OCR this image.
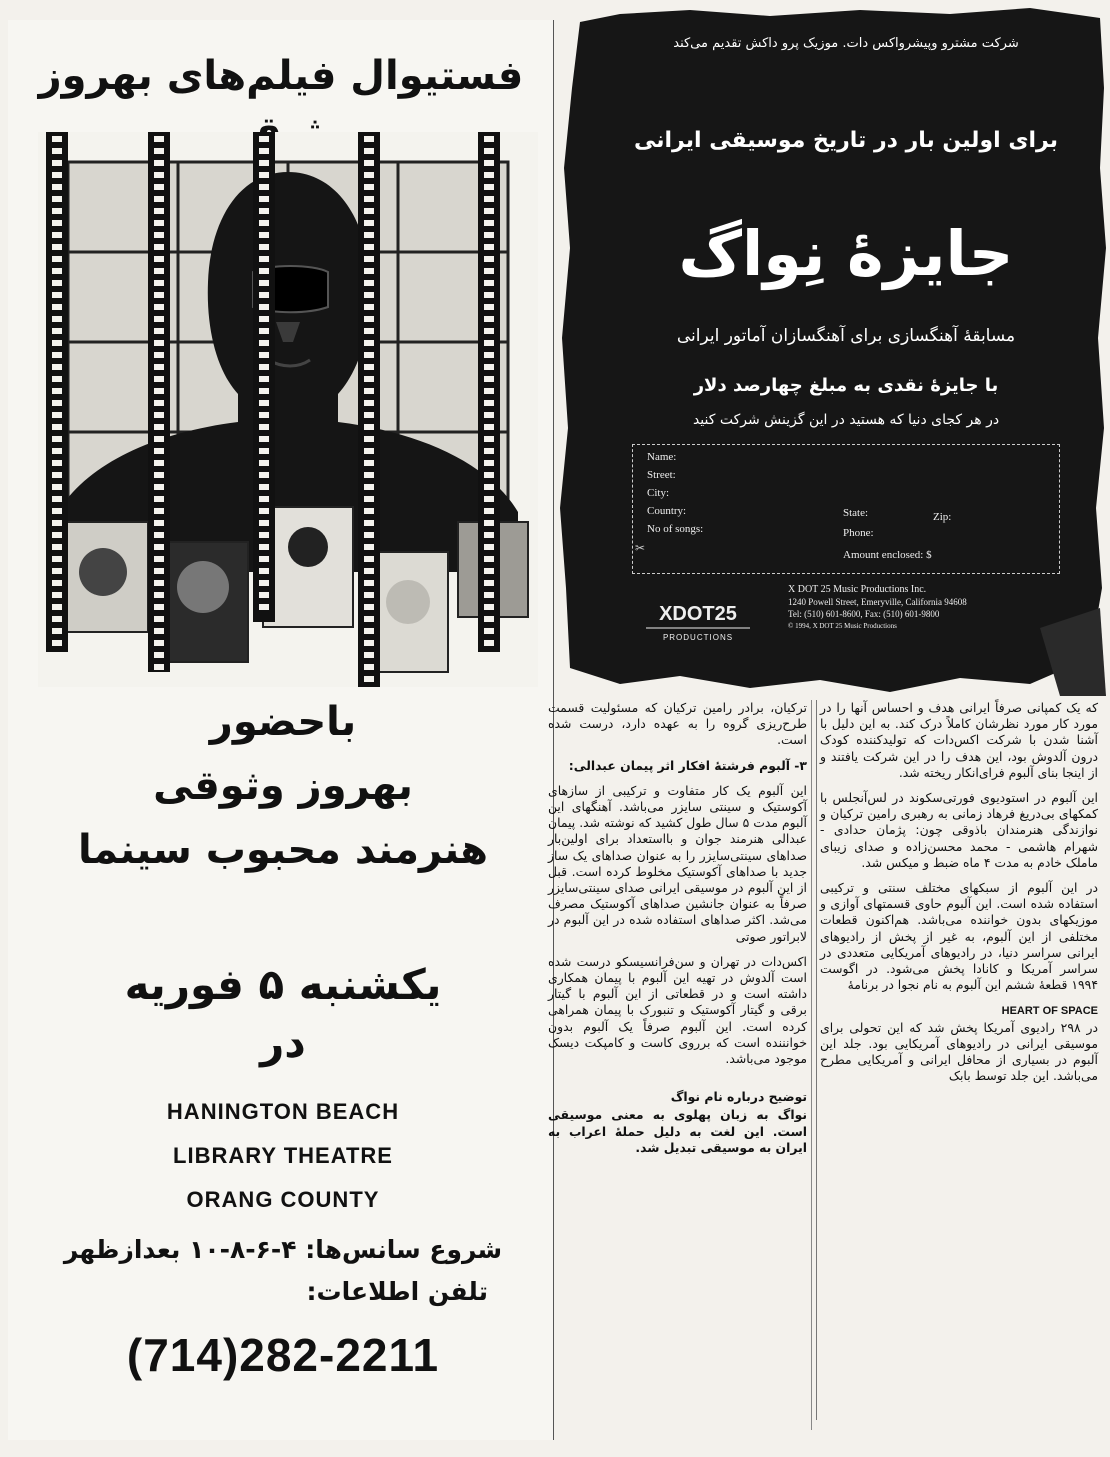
فستیوال فیلم‌های بهروز
باحضور
بهروز وثوقی
هنرمند محبوب سینما
یکشنبه ۵ فوریه
در
HANINGTON BEACH
LIBRARY THEATRE
ORANG COUNTY
شروع سانس‌ها: ۴-۶-۸-۱۰ بعدازظهر
تلفن اطلاعات:
(714)282-2211
شرکت مشترو وپیشرواکس دات. موزیک پرو داکش تقدیم می‌کند
برای اولین بار در تاریخ موسیقی ایرانی
جایزهٔ نِواگ
مسابقهٔ آهنگسازی برای آهنگسازان آماتور ایرانی
با جایزهٔ نقدی به مبلغ چهارصد دلار
در هر کجای دنیا که هستید در این گزینش شرکت کنید
Name:
Street:
City:
Country:	State:	Zip:
No of songs:	Phone:
Amount enclosed: $
✂
XDOT25
PRODUCTIONS
X DOT 25 Music Productions Inc.
1240 Powell Street, Emeryville, California 94608
Tel: (510) 601-8600, Fax: (510) 601-9800
© 1994, X DOT 25 Music Productions

که یک کمپانی صرفاً ایرانی هدف و احساس آنها را در مورد کار مورد نظرشان کاملاً درک کند. به این دلیل با آشنا شدن با شرکت اکس‌دات که تولیدکننده کودک درون آلدوش بود، این هدف را در این شرکت یافتند و از اینجا بنای آلبوم فرای‌انکار ریخته شد.

این آلبوم در استودیوی فورتی‌سکوند در لس‌آنجلس با کمکهای بی‌دریغ فرهاد زمانی به رهبری رامین ترکیان و نوازندگی هنرمندان باذوقی چون: پژمان حدادی - شهرام هاشمی - محمد محسن‌زاده و صدای زیبای ماملک خادم به مدت ۴ ماه ضبط و میکس شد.

در این آلبوم از سبکهای مختلف سنتی و ترکیبی استفاده شده است. این آلبوم حاوی قسمتهای آوازی و موزیکهای بدون خواننده می‌باشد. هم‌اکنون قطعات مختلفی از این آلبوم، به غیر از پخش از رادیوهای ایرانی سراسر دنیا، در رادیوهای آمریکایی متعددی در سراسر آمریکا و کانادا پخش می‌شود. در اگوست ۱۹۹۴ قطعهٔ ششم این آلبوم به نام نجوا در برنامهٔ

HEART OF SPACE

در ۲۹۸ رادیوی آمریکا پخش شد که این تحولی برای موسیقی ایرانی در رادیوهای آمریکایی بود. جلد این آلبوم در بسیاری از محافل ایرانی و آمریکایی مطرح می‌باشد. این جلد توسط بابک

ترکیان، برادر رامین ترکیان که مسئولیت قسمت طرح‌ریزی گروه را به عهده دارد، درست شده است.

۳- آلبوم فرشتهٔ افکار اثر پیمان عبدالی:

این آلبوم یک کار متفاوت و ترکیبی از سازهای آکوستیک و سینتی سایزر می‌باشد. آهنگهای این آلبوم مدت ۵ سال طول کشید که نوشته شد. پیمان عبدالی هنرمند جوان و بااستعداد برای اولین‌بار صداهای سینتی‌سایزر را به عنوان صداهای یک ساز جدید با صداهای آکوستیک مخلوط کرده است. قبل از این آلبوم در موسیقی ایرانی صدای سینتی‌سایزر صرفاً به عنوان جانشین صداهای آکوستیک مصرف می‌شد. اکثر صداهای استفاده شده در این آلبوم در لابراتور صوتی

اکس‌دات در تهران و سن‌فرانسیسکو درست شده است آلدوش در تهیه این آلبوم با پیمان همکاری داشته است و در قطعاتی از این آلبوم با گیتار برقی و گیتار آکوستیک و تنبورک با پیمان همراهی کرده است. این آلبوم صرفاً یک آلبوم بدون خوانننده است که برروی کاست و کامپکت دیسک موجود می‌باشد.

توضیح درباره نام نواگ

نواگ به زبان پهلوی به معنی موسیقی است. این لغت به دلیل حملهٔ اعراب به ایران به موسیقی تبدیل شد.
